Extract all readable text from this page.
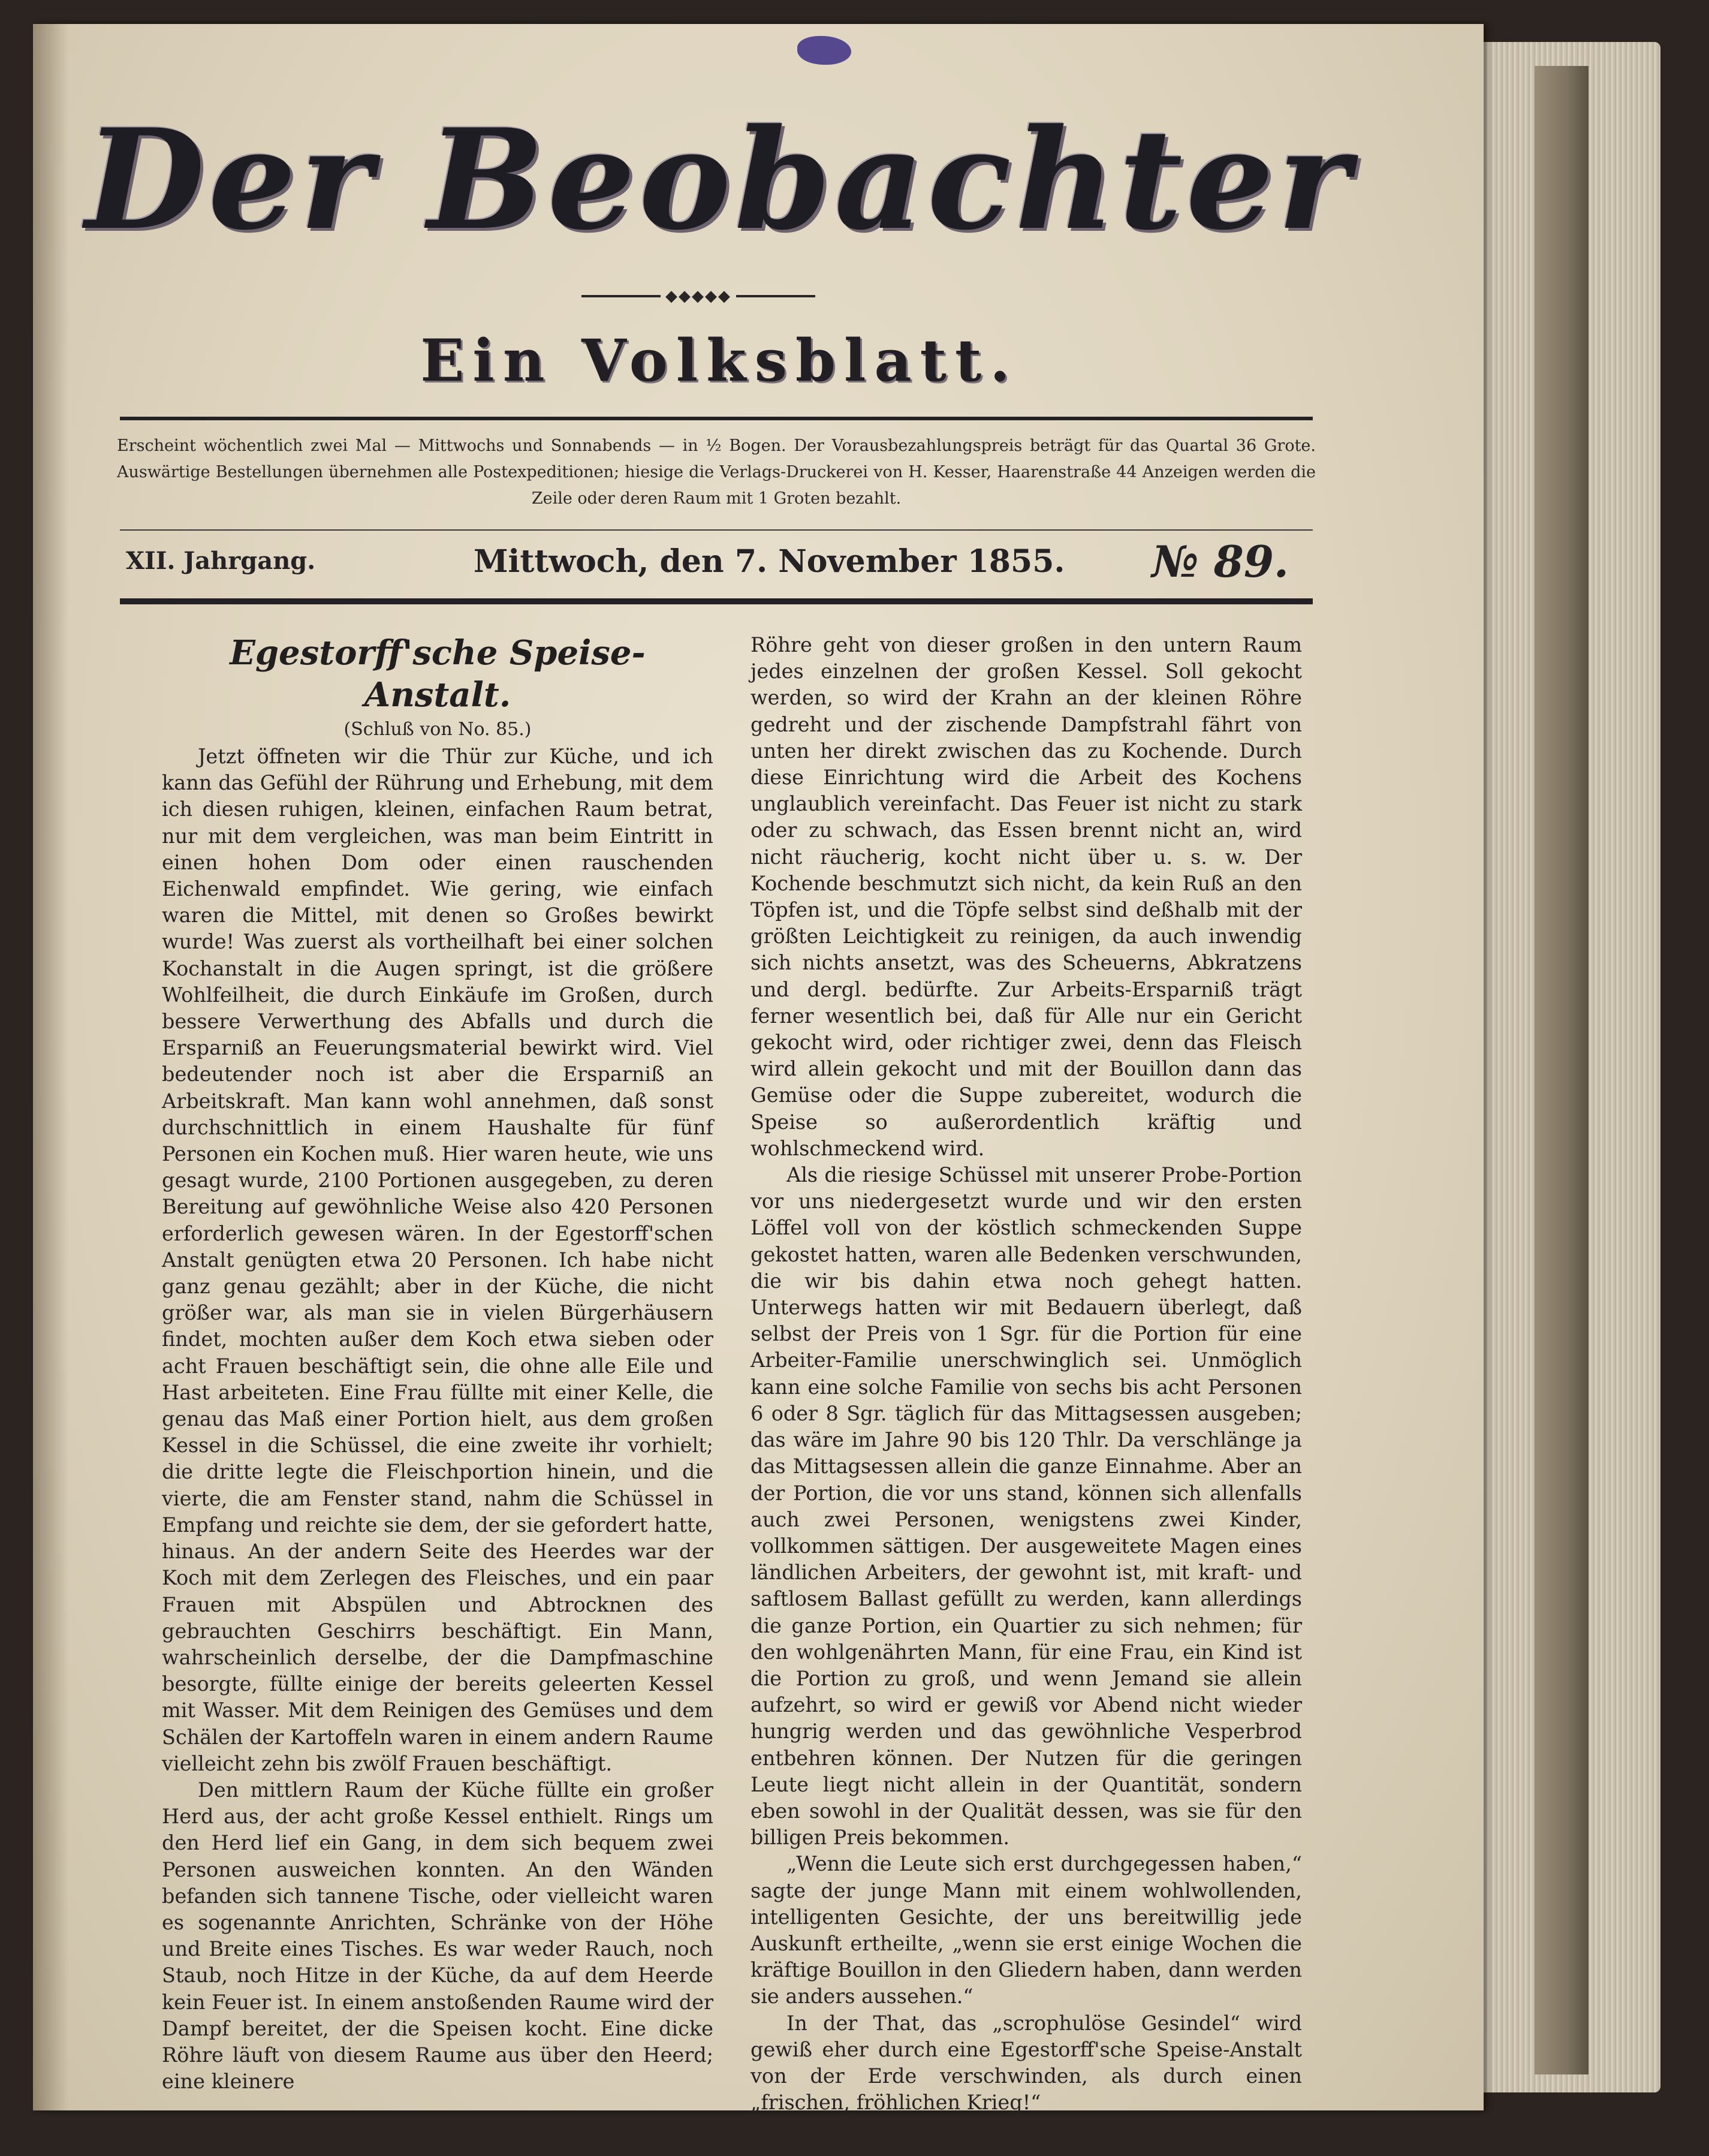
Der Beobachter
◆◆◆◆◆
Ein Volksblatt.
Erscheint wöchentlich zwei Mal — Mittwochs und Sonnabends — in ½ Bogen. Der Vorausbezahlungspreis beträgt für das Quartal 36 Grote. Auswärtige Bestellungen übernehmen alle Postexpeditionen; hiesige die Verlags-Druckerei von H. Kesser, Haarenstraße 44 Anzeigen werden die Zeile oder deren Raum mit 1 Groten bezahlt.
XII. Jahrgang.	Mittwoch, den 7. November 1855. № 89.

Egestorff'sche Speise-Anstalt.

(Schluß von No. 85.)

Jetzt öffneten wir die Thür zur Küche, und ich kann das Gefühl der Rührung und Erhebung, mit dem ich diesen ruhigen, kleinen, einfachen Raum betrat, nur mit dem vergleichen, was man beim Eintritt in einen hohen Dom oder einen rauschenden Eichenwald empfindet. Wie gering, wie einfach waren die Mittel, mit denen so Großes bewirkt wurde! Was zuerst als vortheilhaft bei einer solchen Kochanstalt in die Augen springt, ist die größere Wohlfeilheit, die durch Einkäufe im Großen, durch bessere Verwerthung des Abfalls und durch die Ersparniß an Feuerungsmaterial bewirkt wird. Viel bedeutender noch ist aber die Ersparniß an Arbeitskraft. Man kann wohl annehmen, daß sonst durchschnittlich in einem Haushalte für fünf Personen ein Kochen muß. Hier waren heute, wie uns gesagt wurde, 2100 Portionen ausgegeben, zu deren Bereitung auf gewöhnliche Weise also 420 Personen erforderlich gewesen wären. In der Egestorff'schen Anstalt genügten etwa 20 Personen. Ich habe nicht ganz genau gezählt; aber in der Küche, die nicht größer war, als man sie in vielen Bürgerhäusern findet, mochten außer dem Koch etwa sieben oder acht Frauen beschäftigt sein, die ohne alle Eile und Hast arbeiteten. Eine Frau füllte mit einer Kelle, die genau das Maß einer Portion hielt, aus dem großen Kessel in die Schüssel, die eine zweite ihr vorhielt; die dritte legte die Fleischportion hinein, und die vierte, die am Fenster stand, nahm die Schüssel in Empfang und reichte sie dem, der sie gefordert hatte, hinaus. An der andern Seite des Heerdes war der Koch mit dem Zerlegen des Fleisches, und ein paar Frauen mit Abspülen und Abtrocknen des gebrauchten Geschirrs beschäftigt. Ein Mann, wahrscheinlich derselbe, der die Dampfmaschine besorgte, füllte einige der bereits geleerten Kessel mit Wasser. Mit dem Reinigen des Gemüses und dem Schälen der Kartoffeln waren in einem andern Raume vielleicht zehn bis zwölf Frauen beschäftigt.

Den mittlern Raum der Küche füllte ein großer Herd aus, der acht große Kessel enthielt. Rings um den Herd lief ein Gang, in dem sich bequem zwei Personen ausweichen konnten. An den Wänden befanden sich tannene Tische, oder vielleicht waren es sogenannte Anrichten, Schränke von der Höhe und Breite eines Tisches. Es war weder Rauch, noch Staub, noch Hitze in der Küche, da auf dem Heerde kein Feuer ist. In einem anstoßenden Raume wird der Dampf bereitet, der die Speisen kocht. Eine dicke Röhre läuft von diesem Raume aus über den Heerd; eine kleinere

Röhre geht von dieser großen in den untern Raum jedes einzelnen der großen Kessel. Soll gekocht werden, so wird der Krahn an der kleinen Röhre gedreht und der zischende Dampfstrahl fährt von unten her direkt zwischen das zu Kochende. Durch diese Einrichtung wird die Arbeit des Kochens unglaublich vereinfacht. Das Feuer ist nicht zu stark oder zu schwach, das Essen brennt nicht an, wird nicht räucherig, kocht nicht über u. s. w. Der Kochende beschmutzt sich nicht, da kein Ruß an den Töpfen ist, und die Töpfe selbst sind deßhalb mit der größten Leichtigkeit zu reinigen, da auch inwendig sich nichts ansetzt, was des Scheuerns, Abkratzens und dergl. bedürfte. Zur Arbeits-Ersparniß trägt ferner wesentlich bei, daß für Alle nur ein Gericht gekocht wird, oder richtiger zwei, denn das Fleisch wird allein gekocht und mit der Bouillon dann das Gemüse oder die Suppe zubereitet, wodurch die Speise so außerordentlich kräftig und wohlschmeckend wird.

Als die riesige Schüssel mit unserer Probe-Portion vor uns niedergesetzt wurde und wir den ersten Löffel voll von der köstlich schmeckenden Suppe gekostet hatten, waren alle Bedenken verschwunden, die wir bis dahin etwa noch gehegt hatten. Unterwegs hatten wir mit Bedauern überlegt, daß selbst der Preis von 1 Sgr. für die Portion für eine Arbeiter-Familie unerschwinglich sei. Unmöglich kann eine solche Familie von sechs bis acht Personen 6 oder 8 Sgr. täglich für das Mittagsessen ausgeben; das wäre im Jahre 90 bis 120 Thlr. Da verschlänge ja das Mittagsessen allein die ganze Einnahme. Aber an der Portion, die vor uns stand, können sich allenfalls auch zwei Personen, wenigstens zwei Kinder, vollkommen sättigen. Der ausgeweitete Magen eines ländlichen Arbeiters, der gewohnt ist, mit kraft- und saftlosem Ballast gefüllt zu werden, kann allerdings die ganze Portion, ein Quartier zu sich nehmen; für den wohlgenährten Mann, für eine Frau, ein Kind ist die Portion zu groß, und wenn Jemand sie allein aufzehrt, so wird er gewiß vor Abend nicht wieder hungrig werden und das gewöhnliche Vesperbrod entbehren können. Der Nutzen für die geringen Leute liegt nicht allein in der Quantität, sondern eben sowohl in der Qualität dessen, was sie für den billigen Preis bekommen.

„Wenn die Leute sich erst durchgegessen haben,“ sagte der junge Mann mit einem wohlwollenden, intelligenten Gesichte, der uns bereitwillig jede Auskunft ertheilte, „wenn sie erst einige Wochen die kräftige Bouillon in den Gliedern haben, dann werden sie anders aussehen.“

In der That, das „scrophulöse Gesindel“ wird gewiß eher durch eine Egestorff'sche Speise-Anstalt von der Erde verschwinden, als durch einen „frischen, fröhlichen Krieg!“
